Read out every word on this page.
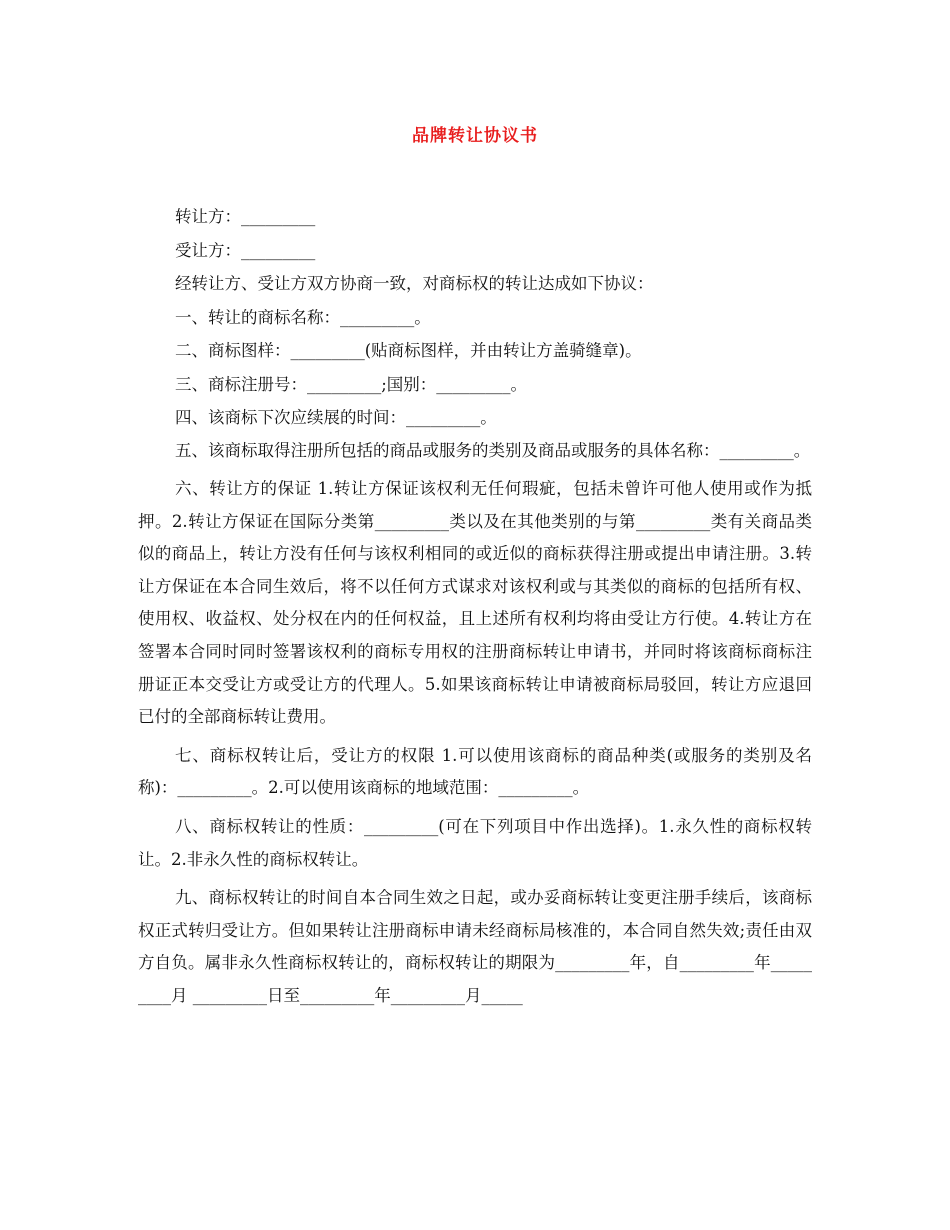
品牌转让协议书

转让方：_________

受让方：_________

经转让方、受让方双方协商一致，对商标权的转让达成如下协议：

一、转让的商标名称：_________。

二、商标图样：_________(贴商标图样，并由转让方盖骑缝章)。

三、商标注册号：_________;国别：_________。

四、该商标下次应续展的时间：_________。

五、该商标取得注册所包括的商品或服务的类别及商品或服务的具体名称：_________。

六、转让方的保证 1.转让方保证该权利无任何瑕疵，包括未曾许可他人使用或作为抵押。2.转让方保证在国际分类第_________类以及在其他类别的与第_________类有关商品类似的商品上，转让方没有任何与该权利相同的或近似的商标获得注册或提出申请注册。3.转让方保证在本合同生效后，将不以任何方式谋求对该权利或与其类似的商标的包括所有权、使用权、收益权、处分权在内的任何权益，且上述所有权利均将由受让方行使。4.转让方在签署本合同时同时签署该权利的商标专用权的注册商标转让申请书，并同时将该商标商标注册证正本交受让方或受让方的代理人。5.如果该商标转让申请被商标局驳回，转让方应退回已付的全部商标转让费用。

七、商标权转让后，受让方的权限 1.可以使用该商标的商品种类(或服务的类别及名称)：_________。2.可以使用该商标的地域范围：_________。

八、商标权转让的性质：_________(可在下列项目中作出选择)。1.永久性的商标权转让。2.非永久性的商标权转让。

九、商标权转让的时间自本合同生效之日起，或办妥商标转让变更注册手续后，该商标权正式转归受让方。但如果转让注册商标申请未经商标局核准的，本合同自然失效;责任由双方自负。属非永久性商标权转让的，商标权转让的期限为_________年，自_________年_________月 _________日至_________年_________月_____
